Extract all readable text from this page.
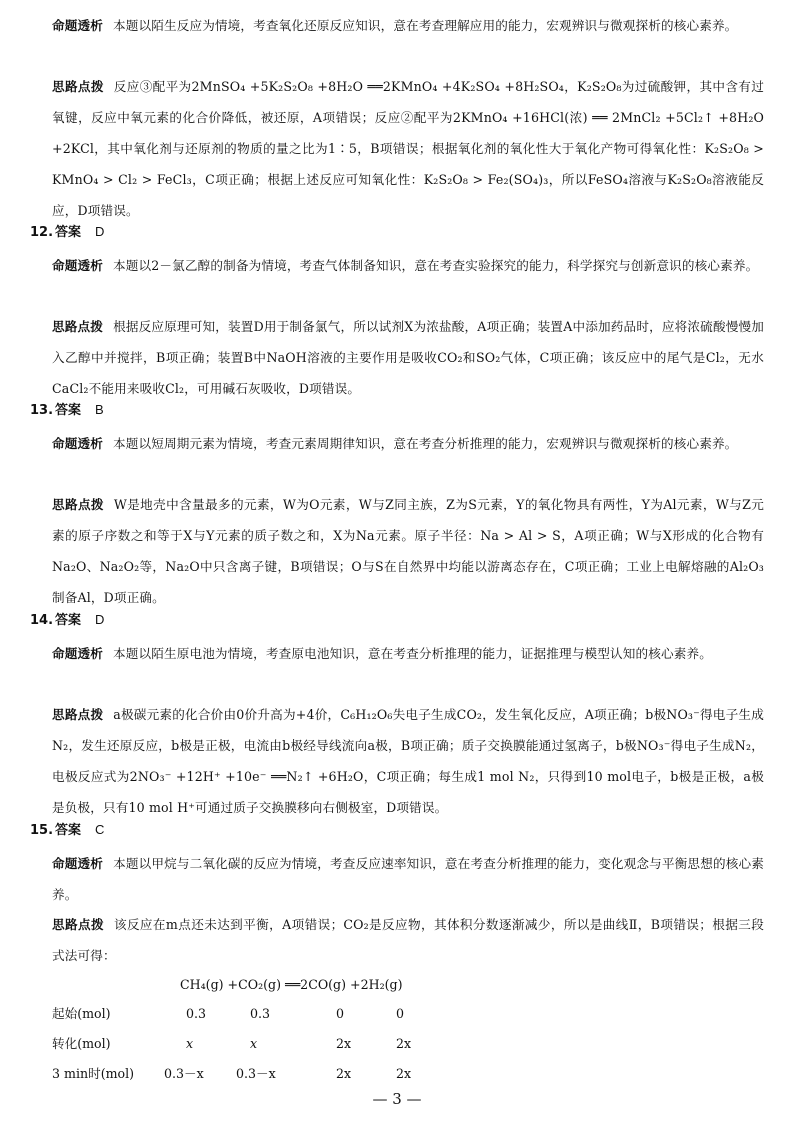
命题透析 本题以陌生反应为情境，考查氧化还原反应知识，意在考查理解应用的能力，宏观辨识与微观探析的核心素养。
思路点拨 反应③配平为2MnSO₄ +5K₂S₂O₈ +8H₂O ══2KMnO₄ +4K₂SO₄ +8H₂SO₄，K₂S₂O₈为过硫酸钾，其中含有过氧键，反应中氧元素的化合价降低，被还原，A项错误；反应②配平为2KMnO₄ +16HCl(浓) ══ 2MnCl₂ +5Cl₂↑ +8H₂O +2KCl，其中氧化剂与还原剂的物质的量之比为1∶5，B项错误；根据氧化剂的氧化性大于氧化产物可得氧化性：K₂S₂O₈ > KMnO₄ > Cl₂ > FeCl₃，C项正确；根据上述反应可知氧化性：K₂S₂O₈ > Fe₂(SO₄)₃，所以FeSO₄溶液与K₂S₂O₈溶液能反应，D项错误。
12. 答案 D
命题透析 本题以2－氯乙醇的制备为情境，考查气体制备知识，意在考查实验探究的能力，科学探究与创新意识的核心素养。
思路点拨 根据反应原理可知，装置D用于制备氯气，所以试剂X为浓盐酸，A项正确；装置A中添加药品时，应将浓硫酸慢慢加入乙醇中并搅拌，B项正确；装置B中NaOH溶液的主要作用是吸收CO₂和SO₂气体，C项正确；该反应中的尾气是Cl₂，无水CaCl₂不能用来吸收Cl₂，可用碱石灰吸收，D项错误。
13. 答案 B
命题透析 本题以短周期元素为情境，考查元素周期律知识，意在考查分析推理的能力，宏观辨识与微观探析的核心素养。
思路点拨 W是地壳中含量最多的元素，W为O元素，W与Z同主族，Z为S元素，Y的氧化物具有两性，Y为Al元素，W与Z元素的原子序数之和等于X与Y元素的质子数之和，X为Na元素。原子半径：Na > Al > S，A项正确；W与X形成的化合物有Na₂O、Na₂O₂等，Na₂O中只含离子键，B项错误；O与S在自然界中均能以游离态存在，C项正确；工业上电解熔融的Al₂O₃制备Al，D项正确。
14. 答案 D
命题透析 本题以陌生原电池为情境，考查原电池知识，意在考查分析推理的能力，证据推理与模型认知的核心素养。
思路点拨 a极碳元素的化合价由0价升高为+4价，C₆H₁₂O₆失电子生成CO₂，发生氧化反应，A项正确；b极NO₃⁻得电子生成N₂，发生还原反应，b极是正极，电流由b极经导线流向a极，B项正确；质子交换膜能通过氢离子，b极NO₃⁻得电子生成N₂，电极反应式为2NO₃⁻ +12H⁺ +10e⁻ ══N₂↑ +6H₂O，C项正确；每生成1 mol N₂，只得到10 mol电子，b极是正极，a极是负极，只有10 mol H⁺可通过质子交换膜移向右侧极室，D项错误。
15. 答案 C
命题透析 本题以甲烷与二氧化碳的反应为情境，考查反应速率知识，意在考查分析推理的能力，变化观念与平衡思想的核心素养。
思路点拨 该反应在m点还未达到平衡，A项错误；CO₂是反应物，其体积分数逐渐减少，所以是曲线Ⅱ，B项错误；根据三段式法可得：
CH₄(g) +CO₂(g) ══2CO(g) +2H₂(g)
起始(mol)	0.3	0.3	0	0
转化(mol)	x	x	2x	2x
3 min时(mol) 0.3－x	0.3－x	2x	2x
— 3 —
